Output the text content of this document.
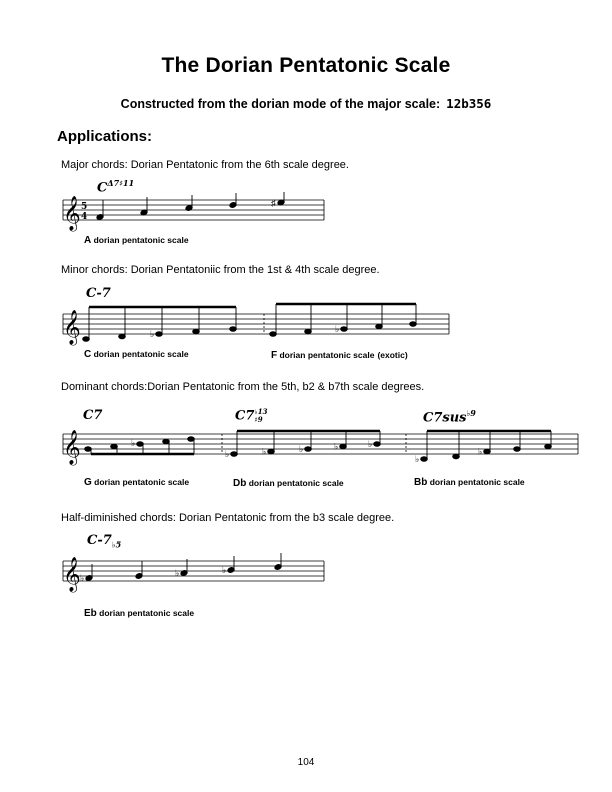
The Dorian Pentatonic Scale
Constructed from the dorian mode of the major scale: 12b356
Applications:
Major chords: Dorian Pentatonic from the 6th scale degree.
$C^{\Delta 7♯11}$
𝄞 5
4
♯
A dorian pentatonic scale
Minor chords: Dorian Pentatoniic from the 1st & 4th scale degree.
C-7
𝄞	♭	♭
C dorian pentatonic scale	F dorian pentatonic scale (exotic)
Dominant chords:Dorian Pentatonic from the 5th, b2 & b7th scale degrees.
C7	C7 ♭13
♯9	C7sus$^{♭9}$
𝄞	♭
♭	♭	♭	♭	♭
♭
♭
G dorian pentatonic scale	Db dorian pentatonic scale	Bb dorian pentatonic scale
Half-diminished chords: Dorian Pentatonic from the b3 scale degree.
$C-7_{♭5}$
𝄞 ♭	♭	♭
Eb dorian pentatonic scale
104
